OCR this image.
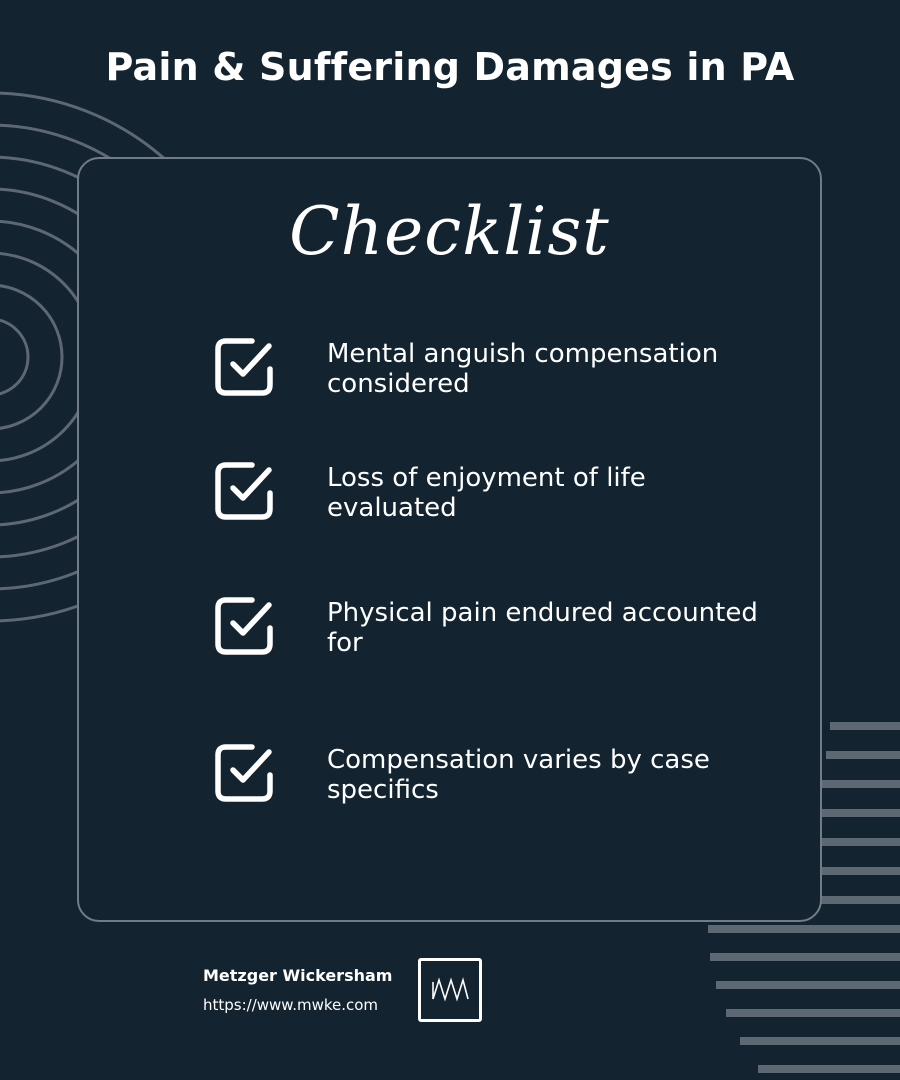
Pain & Suffering Damages in PA
Checklist
Mental anguish compensation considered
Loss of enjoyment of life evaluated
Physical pain endured accounted for
Compensation varies by case specifics
Metzger Wickersham
https://www.mwke.com
